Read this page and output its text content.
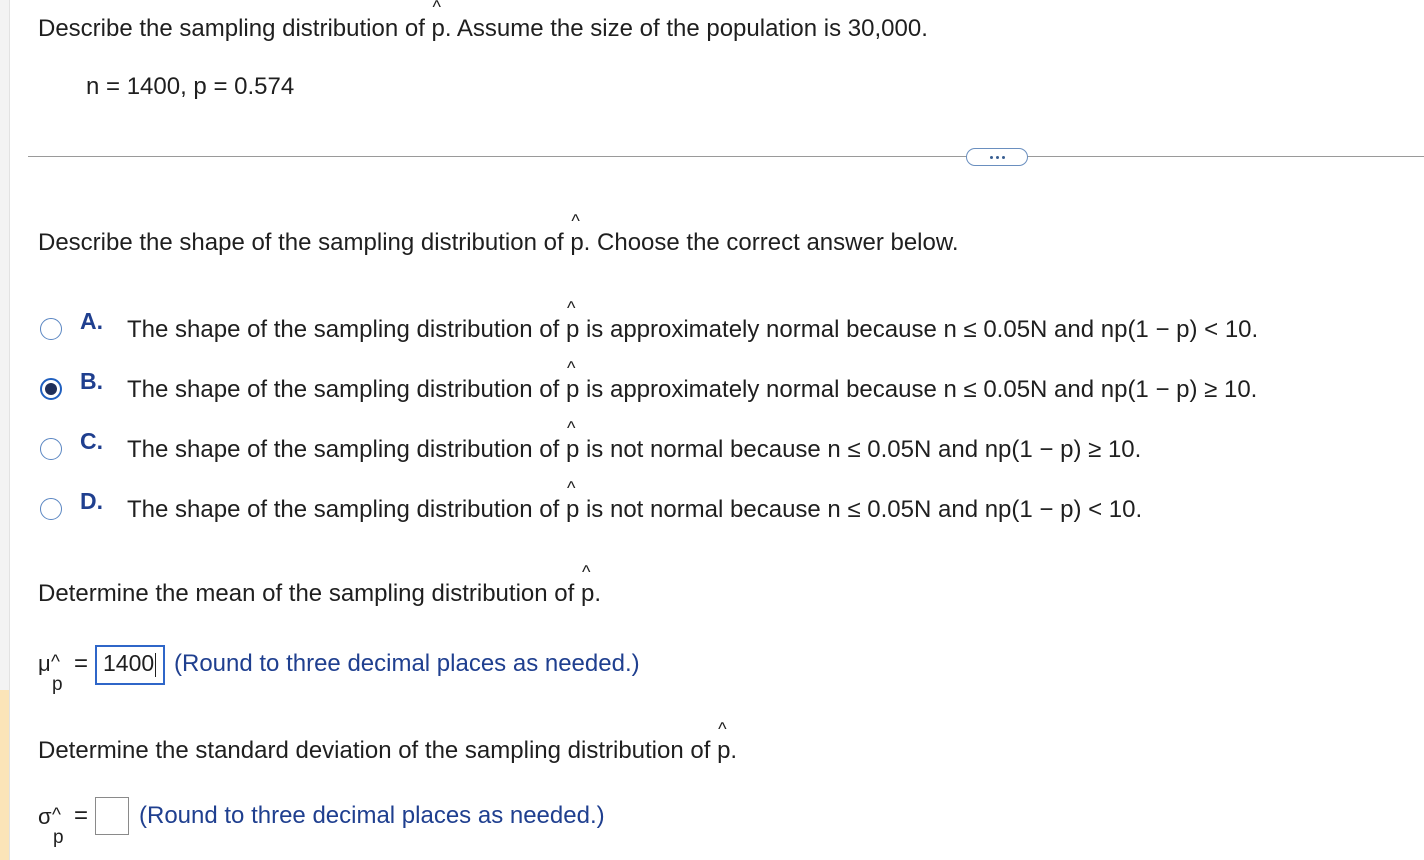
Describe the sampling distribution of ^ p. Assume the size of the population is 30,000.
n = 1400, p = 0.574
Describe the shape of the sampling distribution of ^ p. Choose the correct answer below.
A. The shape of the sampling distribution of ^ p is approximately normal because n ≤ 0.05N and np(1 − p) < 10.
B. The shape of the sampling distribution of ^ p is approximately normal because n ≤ 0.05N and np(1 − p) ≥ 10.
C. The shape of the sampling distribution of ^ p is not normal because n ≤ 0.05N and np(1 − p) ≥ 10.
D. The shape of the sampling distribution of ^ p is not normal because n ≤ 0.05N and np(1 − p) < 10.
Determine the mean of the sampling distribution of ^ p.
μ ^
p
= 1400 (Round to three decimal places as needed.)
Determine the standard deviation of the sampling distribution of ^ p.
σ ^
p
= (Round to three decimal places as needed.)
